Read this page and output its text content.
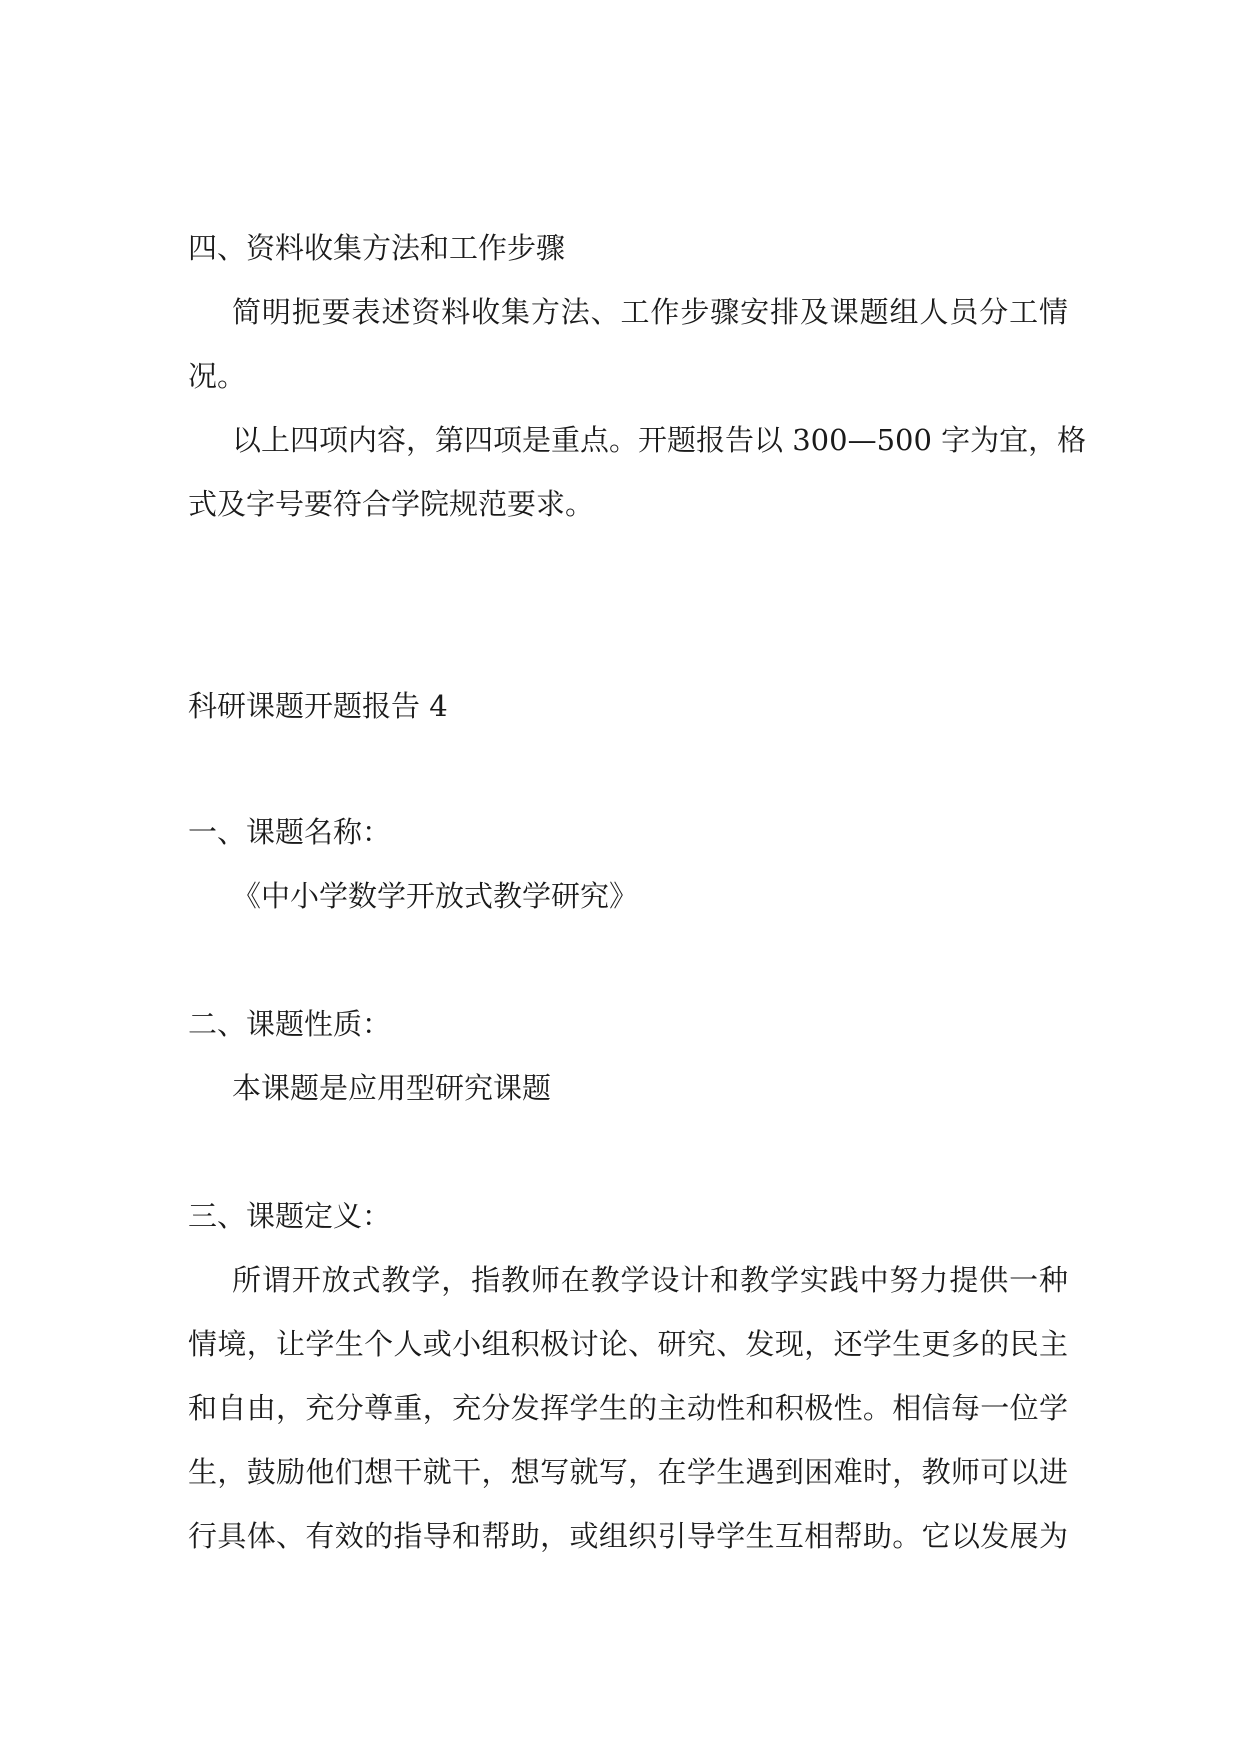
四、资料收集方法和工作步骤
简明扼要表述资料收集方法、工作步骤安排及课题组人员分工情
况。
以上四项内容，第四项是重点。开题报告以 300—500 字为宜，格
式及字号要符合学院规范要求。
科研课题开题报告 4
一、课题名称：
《中小学数学开放式教学研究》
二、课题性质：
本课题是应用型研究课题
三、课题定义：
所谓开放式教学，指教师在教学设计和教学实践中努力提供一种
情境，让学生个人或小组积极讨论、研究、发现，还学生更多的民主
和自由，充分尊重，充分发挥学生的主动性和积极性。相信每一位学
生，鼓励他们想干就干，想写就写，在学生遇到困难时，教师可以进
行具体、有效的指导和帮助，或组织引导学生互相帮助。它以发展为
